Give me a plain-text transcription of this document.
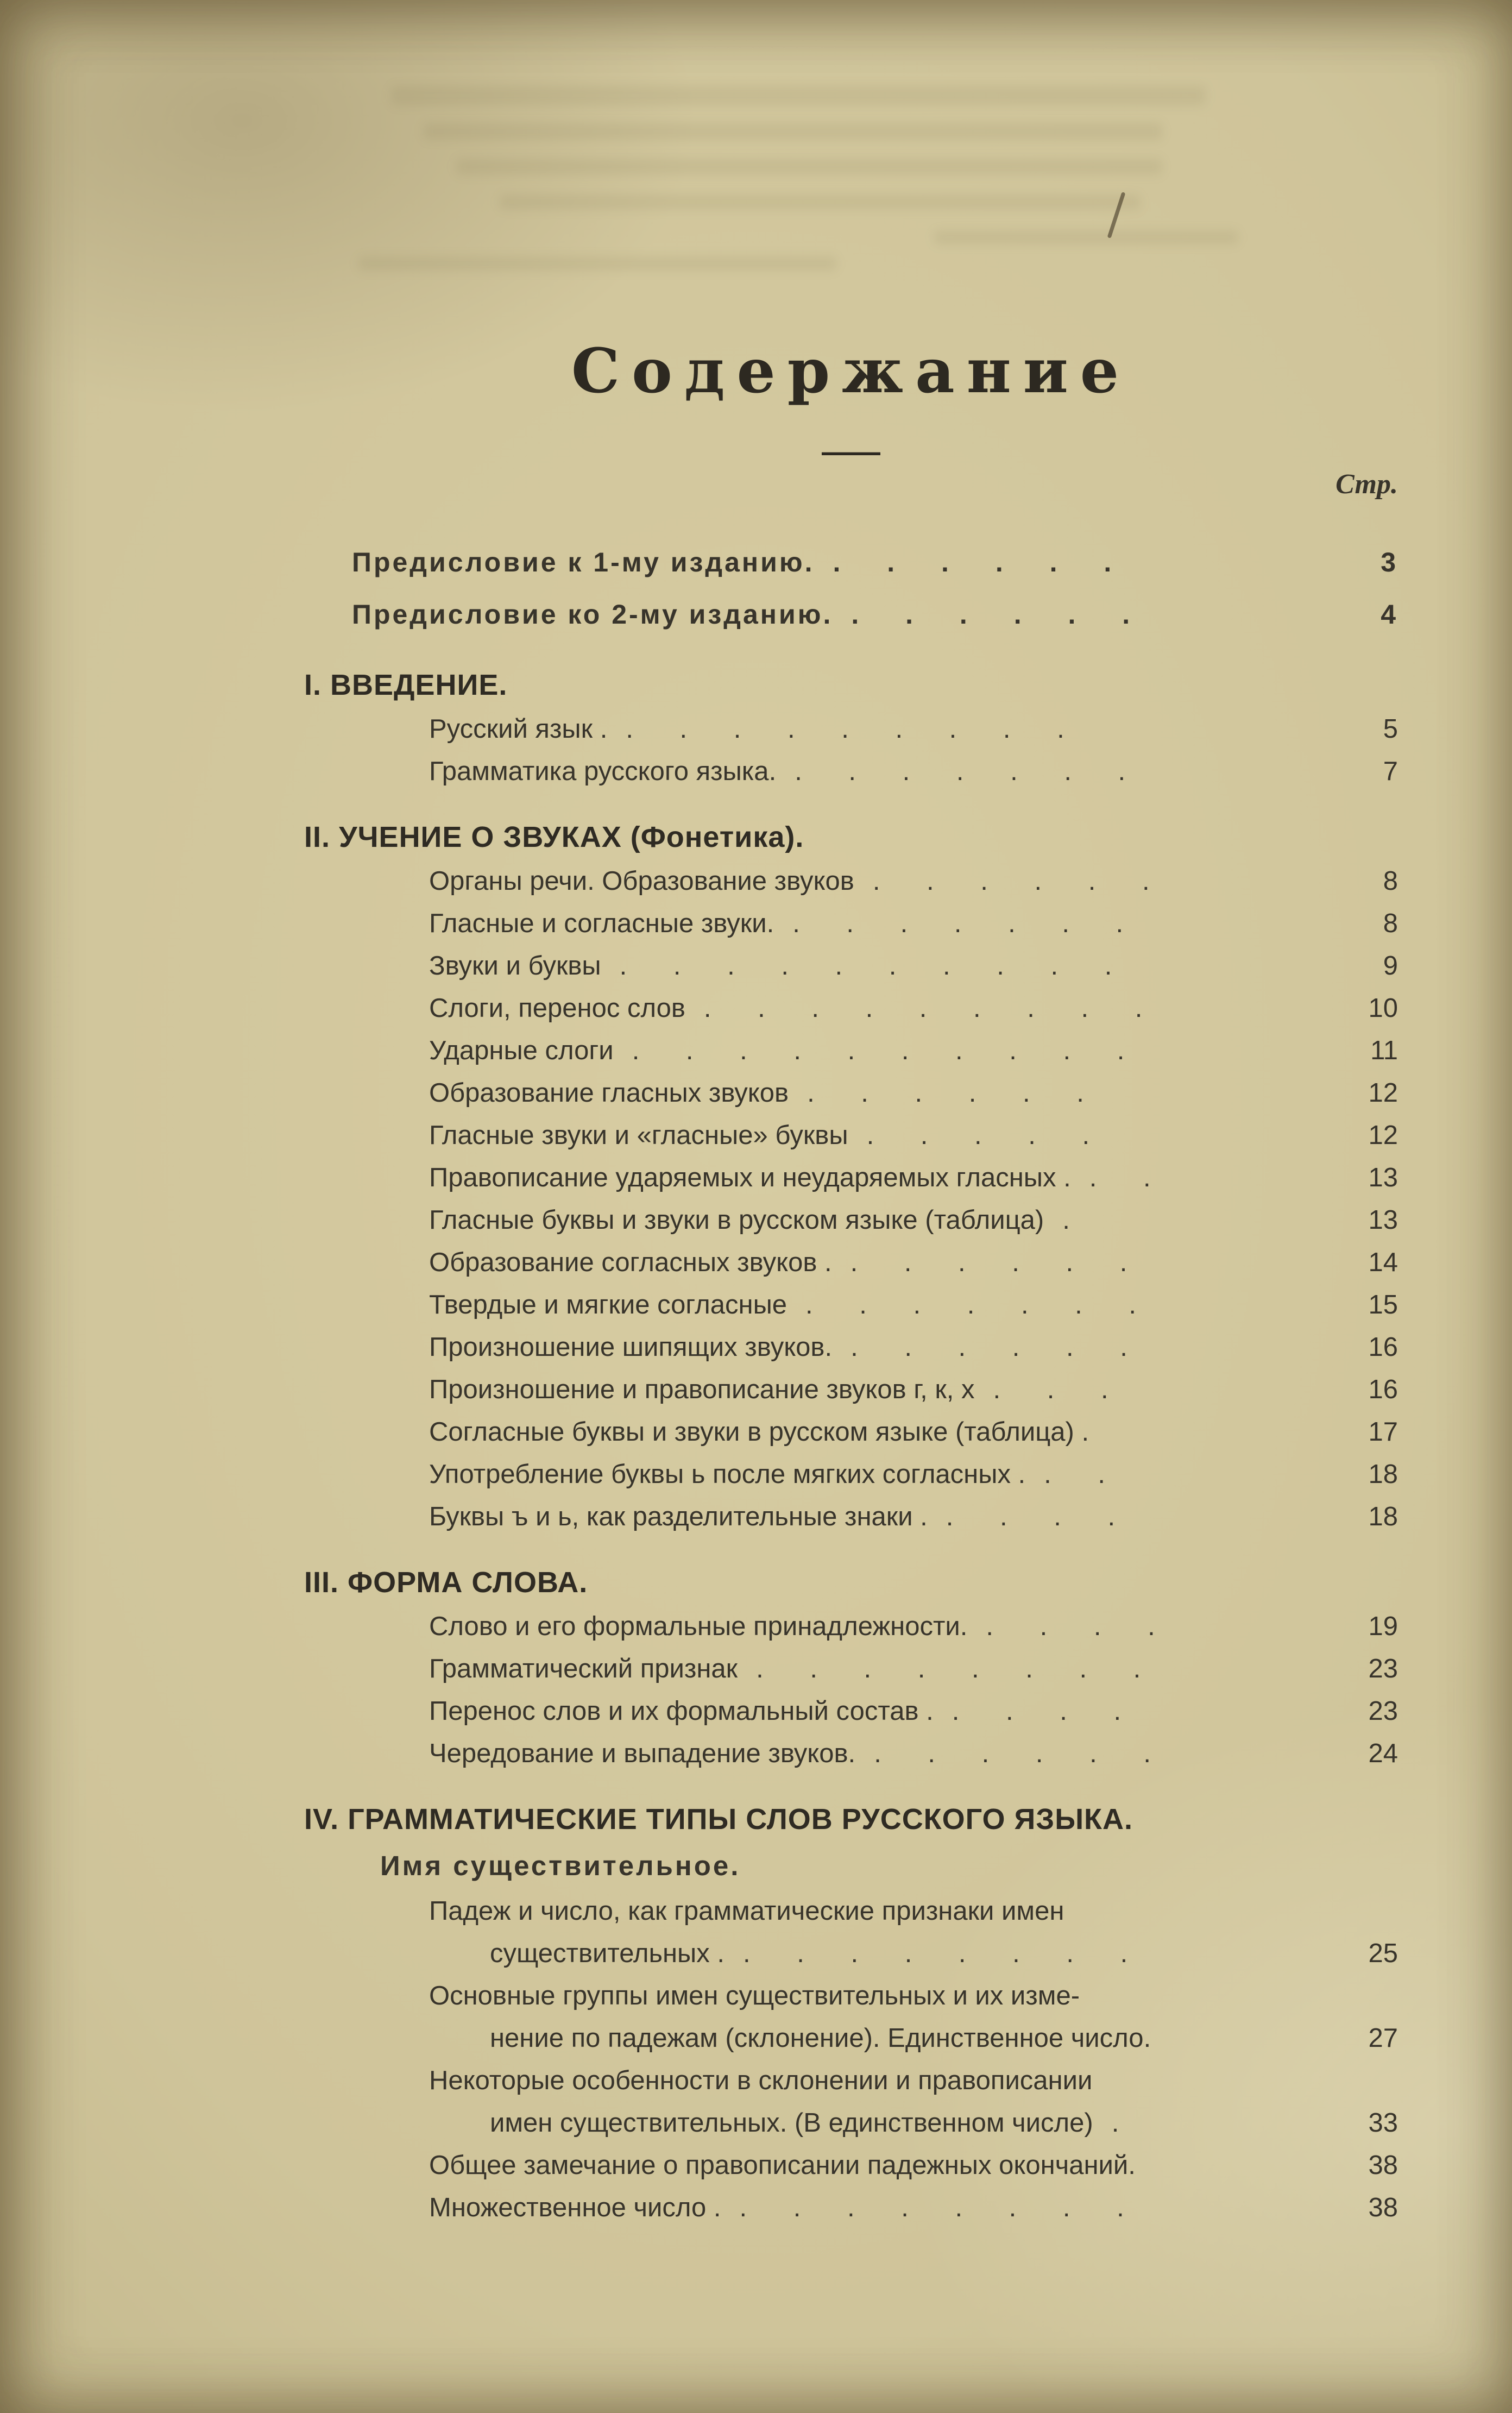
Содержание
——
Стр.
Предисловие к 1-му изданию. . . . . . .	3
Предисловие ко 2-му изданию. . . . . . .	4
I. ВВЕДЕНИЕ.
Русский язык . . . . . . . . . .	5
Грамматика русского языка. . . . . . . .	7
II. УЧЕНИЕ О ЗВУКАХ (Фонетика).
Органы речи. Образование звуков . . . . . .	8
Гласные и согласные звуки. . . . . . . .	8
Звуки и буквы . . . . . . . . . .	9
Слоги, перенос слов . . . . . . . . .	10
Ударные слоги . . . . . . . . . .	11
Образование гласных звуков . . . . . .	12
Гласные звуки и «гласные» буквы . . . . .	12
Правописание ударяемых и неударяемых гласных . . .	13
Гласные буквы и звуки в русском языке (таблица) .	13
Образование согласных звуков . . . . . . .	14
Твердые и мягкие согласные . . . . . . .	15
Произношение шипящих звуков. . . . . . .	16
Произношение и правописание звуков г, к, х . . .	16
Согласные буквы и звуки в русском языке (таблица) .	17
Употребление буквы ь после мягких согласных . . .	18
Буквы ъ и ь, как разделительные знаки . . . . .	18
III. ФОРМА СЛОВА.
Слово и его формальные принадлежности. . . . .	19
Грамматический признак . . . . . . . .	23
Перенос слов и их формальный состав . . . . .	23
Чередование и выпадение звуков. . . . . . .	24
IV. ГРАММАТИЧЕСКИЕ ТИПЫ СЛОВ РУССКОГО ЯЗЫКА.
Имя существительное.
Падеж и число, как грамматические признаки имен
существительных . . . . . . . . .	25
Основные группы имен существительных и их изме-
нение по падежам (склонение). Единственное число.	27
Некоторые особенности в склонении и правописании
имен существительных. (В единственном числе) .	33
Общее замечание о правописании падежных окончаний.	38
Множественное число . . . . . . . . .	38
